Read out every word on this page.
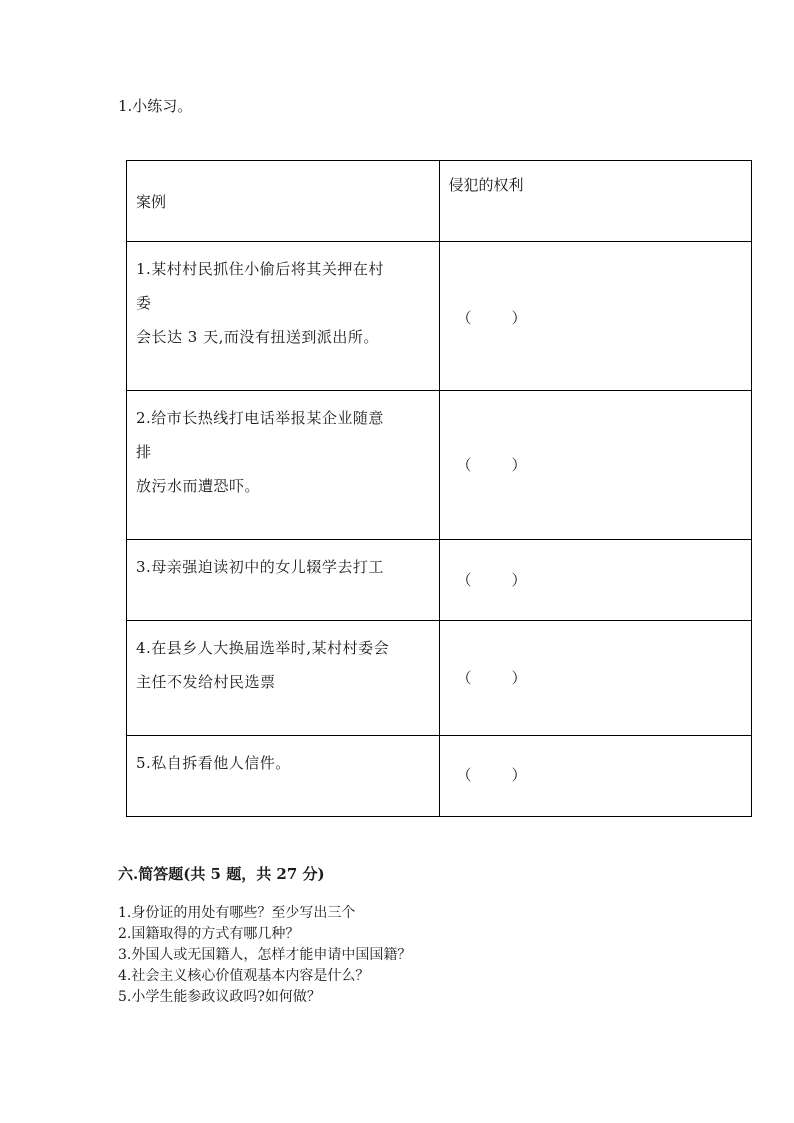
1.小练习。
案例	侵犯的权利

1.某村村民抓住小偷后将其关押在村
委
会长达 3 天,而没有扭送到派出所。	（ ）

2.给市长热线打电话举报某企业随意
排
放污水而遭恐吓。	（ ）

3.母亲强迫读初中的女儿辍学去打工	（ ）

4.在县乡人大换届选举时,某村村委会
主任不发给村民选票	（ ）

5.私自拆看他人信件。	（ ）
六.简答题(共 5 题，共 27 分)
1.身份证的用处有哪些？至少写出三个
2.国籍取得的方式有哪几种？
3.外国人或无国籍人，怎样才能申请中国国籍？
4.社会主义核心价值观基本内容是什么？
5.小学生能参政议政吗?如何做？
